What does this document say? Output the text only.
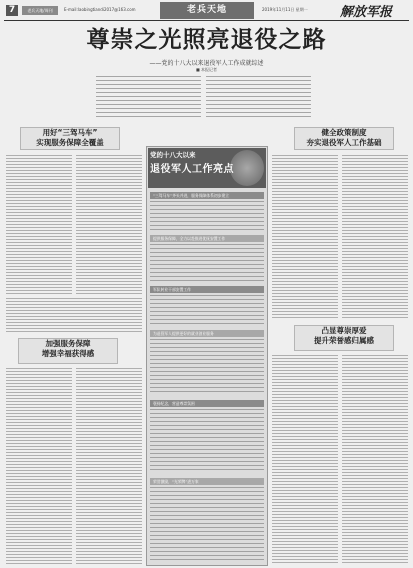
7	老兵天地/周刊	E-mail:laobingtiandi2017@163.com	老兵天地	2019年11月11日 星期一 解放军报
尊崇之光照亮退役之路
——党的十八大以来退役军人工作成就综述
■ 本报记者
用好“三驾马车”
实现服务保障全覆盖
加强服务保障
增强幸福获得感
党的十八大以来
退役军人工作亮点
“三驾马车”齐头并进，服务保障体系初步建立
提供服务保障，全力以赴推进优抚安置工作
军队转业干部安置工作
为退役军人提供更好的就业创业服务
褒扬纪念，营造尊崇氛围
荣誉激励，“光荣牌”进万家
健全政策制度
夯实退役军人工作基础
凸显尊崇厚爱
提升荣誉感归属感
